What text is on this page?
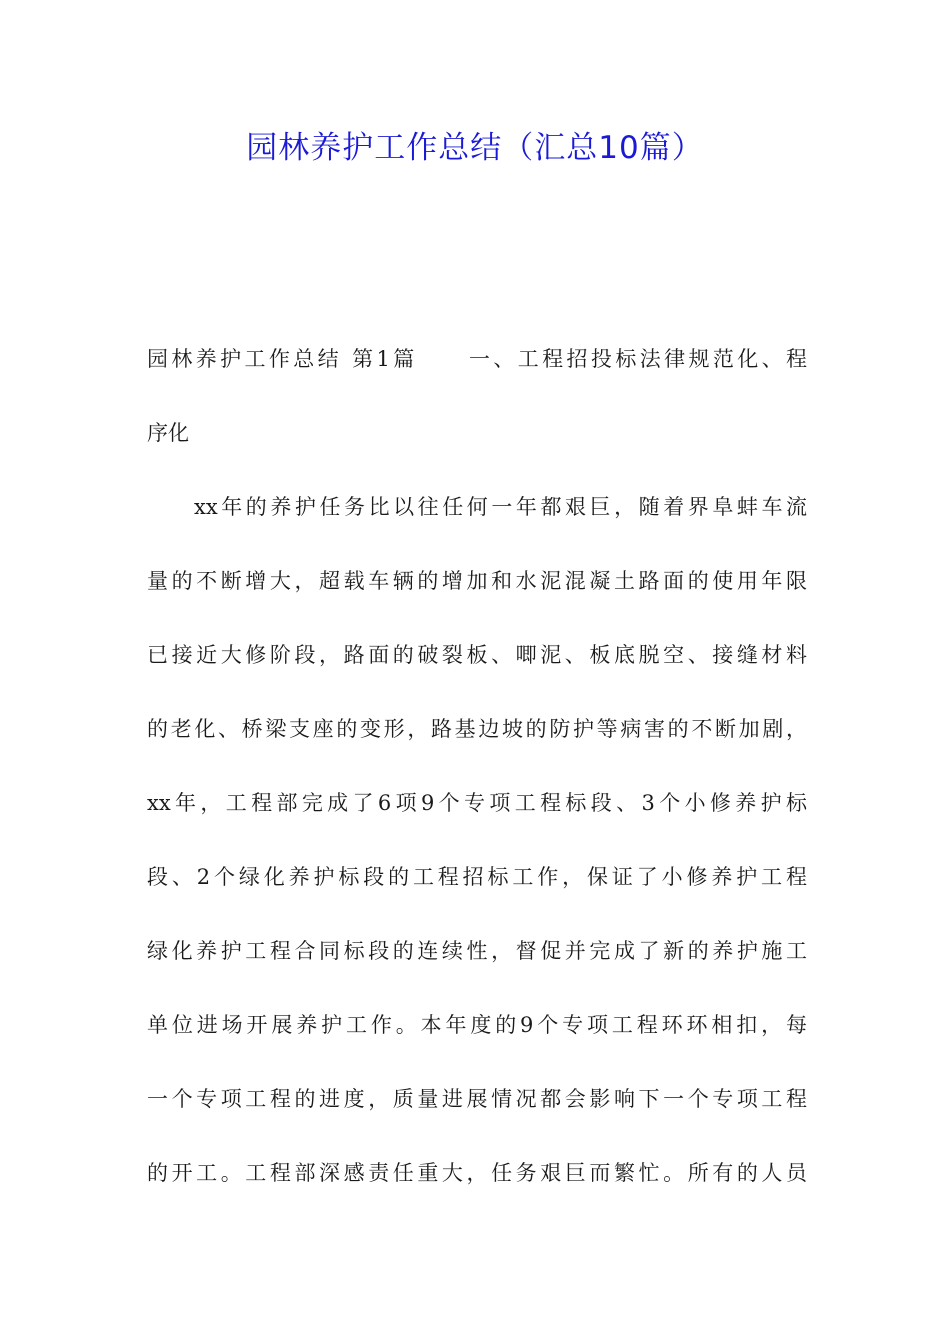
园林养护工作总结（汇总10篇）
园林养护工作总结 第1篇 一、工程招投标法律规范化、程
序化
xx年的养护任务比以往任何一年都艰巨，随着界阜蚌车流
量的不断增大，超载车辆的增加和水泥混凝土路面的使用年限
已接近大修阶段，路面的破裂板、唧泥、板底脱空、接缝材料
的老化、桥梁支座的变形，路基边坡的防护等病害的不断加剧，
xx年，工程部完成了6项9个专项工程标段、3个小修养护标
段、2个绿化养护标段的工程招标工作，保证了小修养护工程
绿化养护工程合同标段的连续性，督促并完成了新的养护施工
单位进场开展养护工作。本年度的9个专项工程环环相扣，每
一个专项工程的进度，质量进展情况都会影响下一个专项工程
的开工。工程部深感责任重大，任务艰巨而繁忙。所有的人员
